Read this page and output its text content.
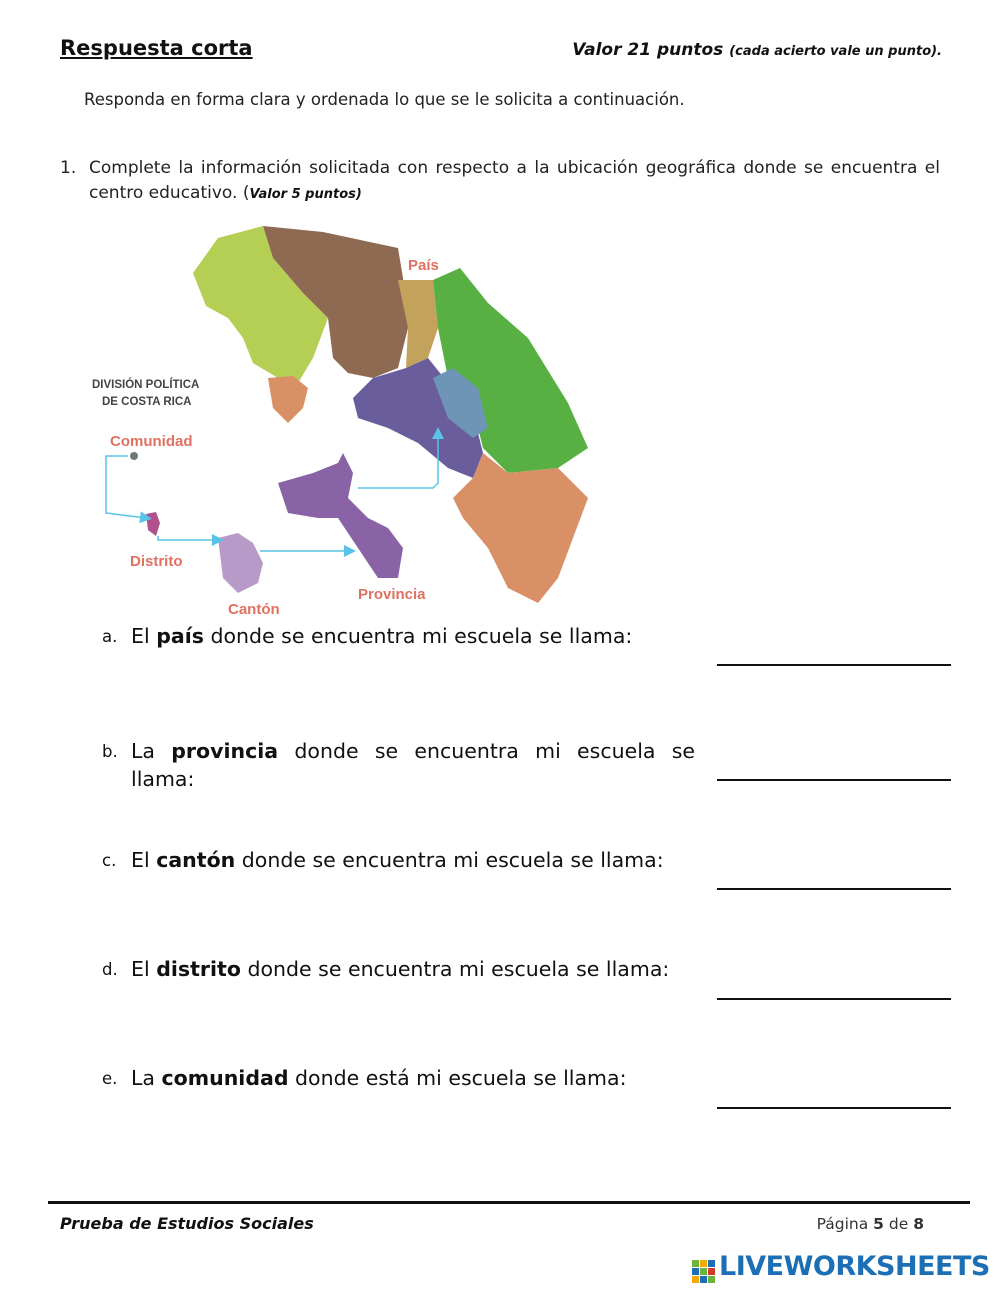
Respuesta corta	Valor 21 puntos (cada acierto vale un punto).
Responda en forma clara y ordenada lo que se le solicita a continuación.
1. Complete la información solicitada con respecto a la ubicación geográfica donde se encuentra el centro educativo. (Valor 5 puntos)
DIVISIÓN POLÍTICA
DE COSTA RICA
País
Comunidad
Distrito
Cantón
Provincia
a. El país donde se encuentra mi escuela se llama:
b. La provincia donde se encuentra mi escuela se llama:
c. El cantón donde se encuentra mi escuela se llama:
d. El distrito donde se encuentra mi escuela se llama:
e. La comunidad donde está mi escuela se llama:
Prueba de Estudios Sociales	Página 5 de 8
LIVEWORKSHEETS
